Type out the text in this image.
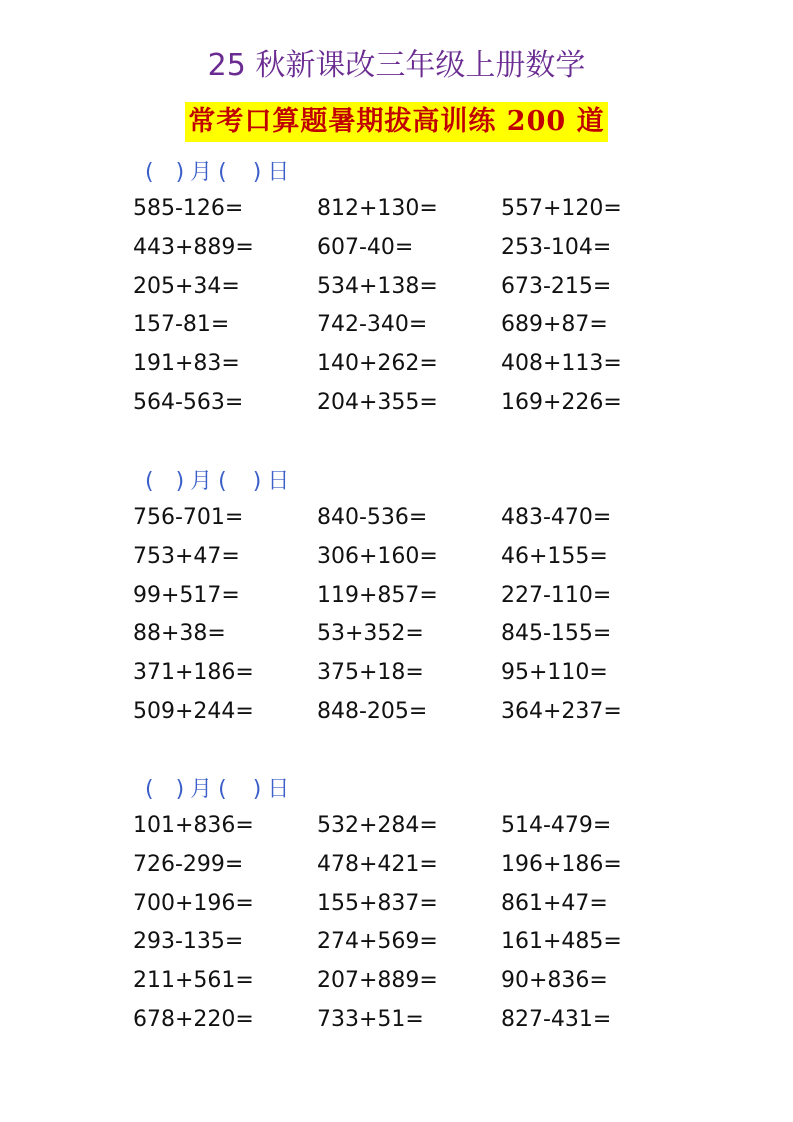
25 秋新课改三年级上册数学
常考口算题暑期拔高训练 200 道
( )月( )日
585-126=	812+130=	557+120=
443+889=	607-40=	253-104=
205+34=	534+138=	673-215=
157-81=	742-340=	689+87=
191+83=	140+262=	408+113=
564-563=	204+355=	169+226=
( )月( )日
756-701=	840-536=	483-470=
753+47=	306+160=	46+155=
99+517=	119+857=	227-110=
88+38=	53+352=	845-155=
371+186=	375+18=	95+110=
509+244=	848-205=	364+237=
( )月( )日
101+836=	532+284=	514-479=
726-299=	478+421=	196+186=
700+196=	155+837=	861+47=
293-135=	274+569=	161+485=
211+561=	207+889=	90+836=
678+220=	733+51=	827-431=
